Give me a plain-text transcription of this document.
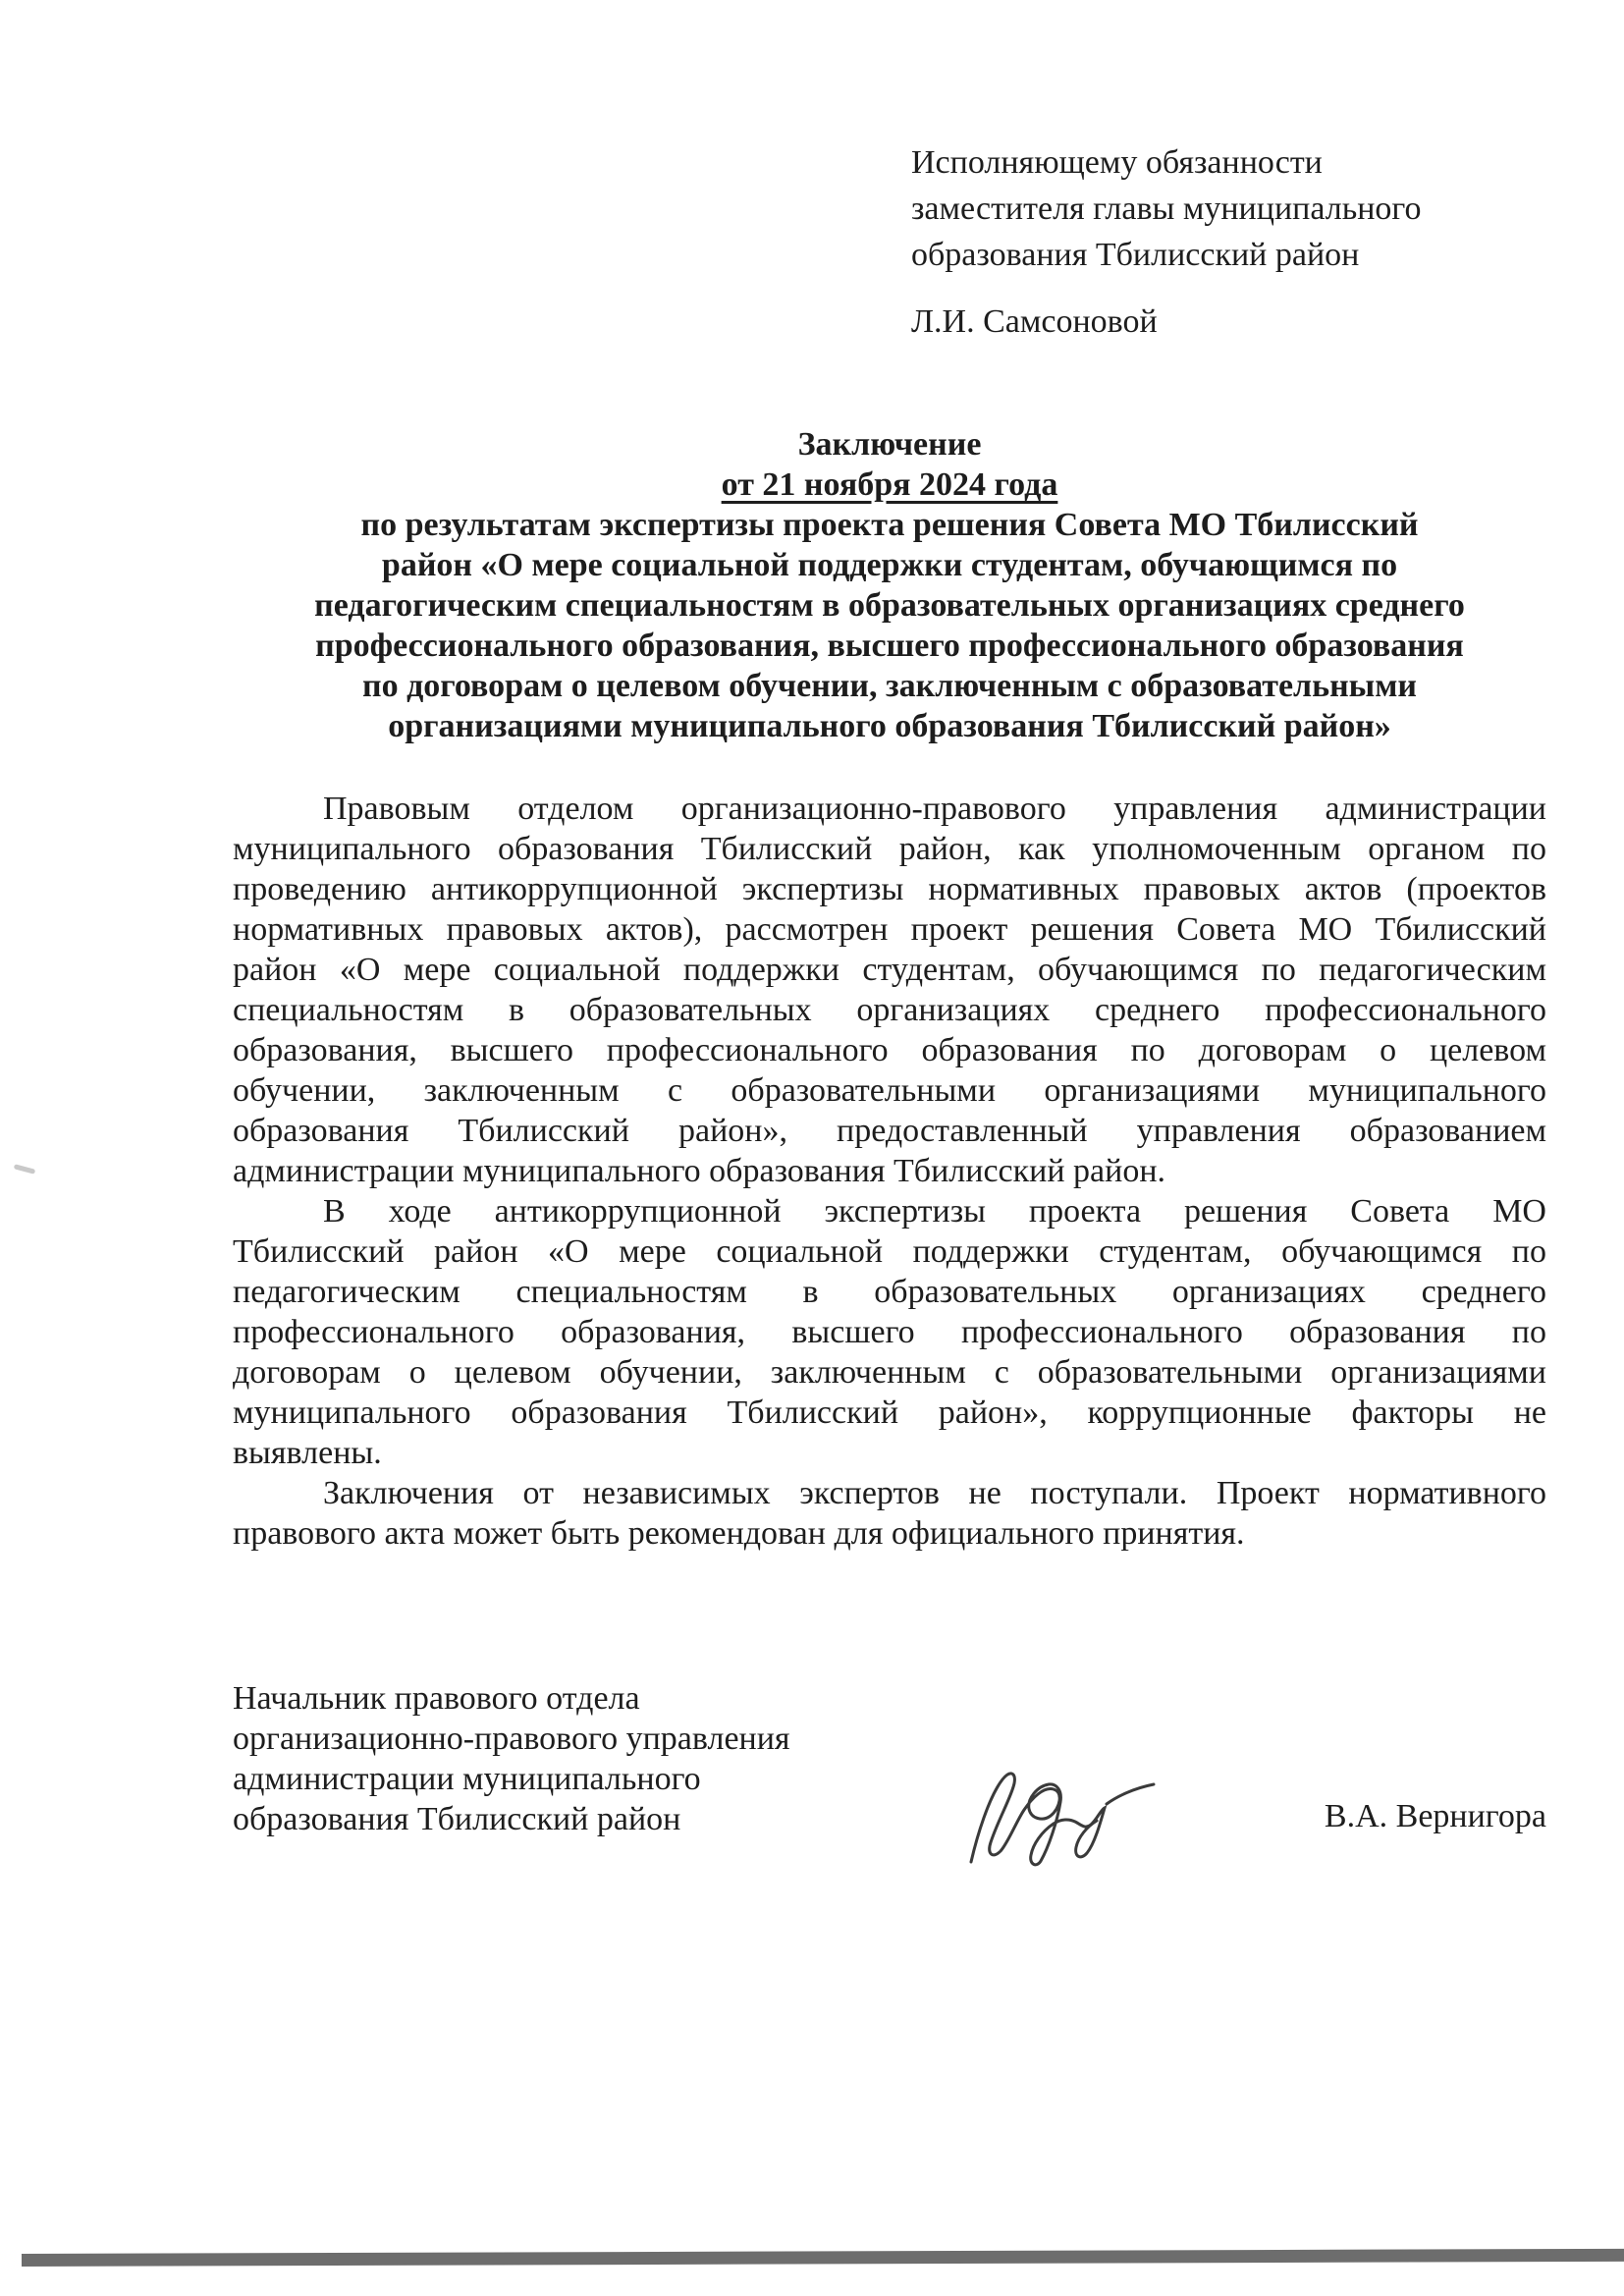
Исполняющему обязанности
заместителя главы муниципального
образования Тбилисский район
Л.И. Самсоновой
Заключение
от 21 ноября 2024 года
по результатам экспертизы проекта решения Совета МО Тбилисский
район «О мере социальной поддержки студентам, обучающимся по
педагогическим специальностям в образовательных организациях среднего
профессионального образования, высшего профессионального образования
по договорам о целевом обучении, заключенным с образовательными
организациями муниципального образования Тбилисский район»
Правовым отделом организационно-правового управления администрации
муниципального образования Тбилисский район, как уполномоченным органом по
проведению антикоррупционной экспертизы нормативных правовых актов (проектов
нормативных правовых актов), рассмотрен проект решения Совета МО Тбилисский
район «О мере социальной поддержки студентам, обучающимся по педагогическим
специальностям в образовательных организациях среднего профессионального
образования, высшего профессионального образования по договорам о целевом
обучении, заключенным с образовательными организациями муниципального
образования Тбилисский район», предоставленный управления образованием
администрации муниципального образования Тбилисский район.
В ходе антикоррупционной экспертизы проекта решения Совета МО
Тбилисский район «О мере социальной поддержки студентам, обучающимся по
педагогическим специальностям в образовательных организациях среднего
профессионального образования, высшего профессионального образования по
договорам о целевом обучении, заключенным с образовательными организациями
муниципального образования Тбилисский район», коррупционные факторы не
выявлены.
Заключения от независимых экспертов не поступали. Проект нормативного
правового акта может быть рекомендован для официального принятия.
Начальник правового отдела
организационно-правового управления
администрации муниципального
образования Тбилисский район	В.А. Вернигора
